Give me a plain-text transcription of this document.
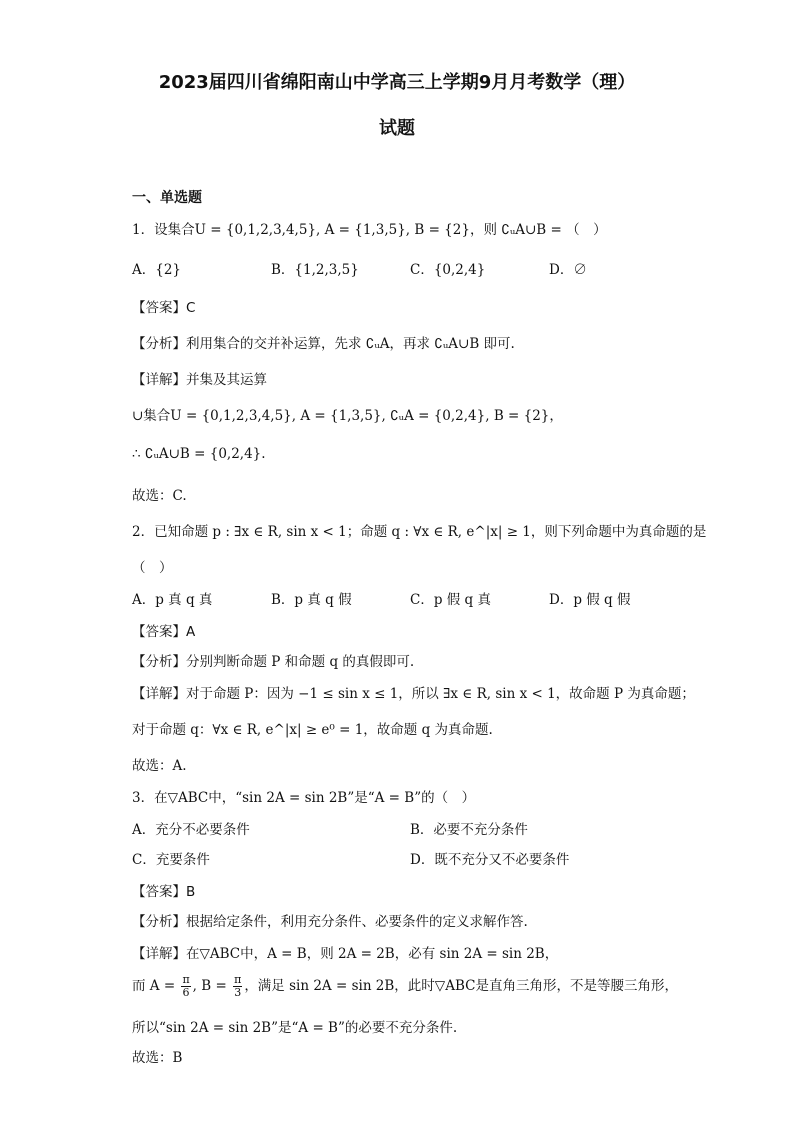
2023届四川省绵阳南山中学高三上学期9月月考数学（理）
试题
一、单选题
1．设集合U = {0,1,2,3,4,5}, A = {1,3,5}, B = {2}，则 ∁ᵤA∪B = （　）
A．{2}	B．{1,2,3,5}	C．{0,2,4}	D．∅
【答案】C
【分析】利用集合的交并补运算，先求 ∁ᵤA，再求 ∁ᵤA∪B 即可.
【详解】并集及其运算
∪集合U = {0,1,2,3,4,5}, A = {1,3,5}, ∁ᵤA = {0,2,4}, B = {2}，
∴ ∁ᵤA∪B = {0,2,4}.
故选：C.
2．已知命题 p : ∃x ∈ R, sin x < 1；命题 q : ∀x ∈ R, e^|x| ≥ 1，则下列命题中为真命题的是
（　）
A．p 真 q 真	B．p 真 q 假	C．p 假 q 真	D．p 假 q 假
【答案】A
【分析】分别判断命题 P 和命题 q 的真假即可.
【详解】对于命题 P：因为 −1 ≤ sin x ≤ 1，所以 ∃x ∈ R, sin x < 1，故命题 P 为真命题；
对于命题 q：∀x ∈ R, e^|x| ≥ e⁰ = 1，故命题 q 为真命题.
故选：A.
3．在▽ABC中，“sin 2A = sin 2B”是“A = B”的（　）
A．充分不必要条件	B．必要不充分条件
C．充要条件	D．既不充分又不必要条件
【答案】B
【分析】根据给定条件，利用充分条件、必要条件的定义求解作答.
【详解】在▽ABC中，A = B，则 2A = 2B，必有 sin 2A = sin 2B，
而 $A = \frac{\pi}{6}$ , $B = \frac{\pi}{3}$ ，满足 sin 2A = sin 2B，此时▽ABC是直角三角形，不是等腰三角形，
所以“sin 2A = sin 2B”是“A = B”的必要不充分条件.
故选：B
